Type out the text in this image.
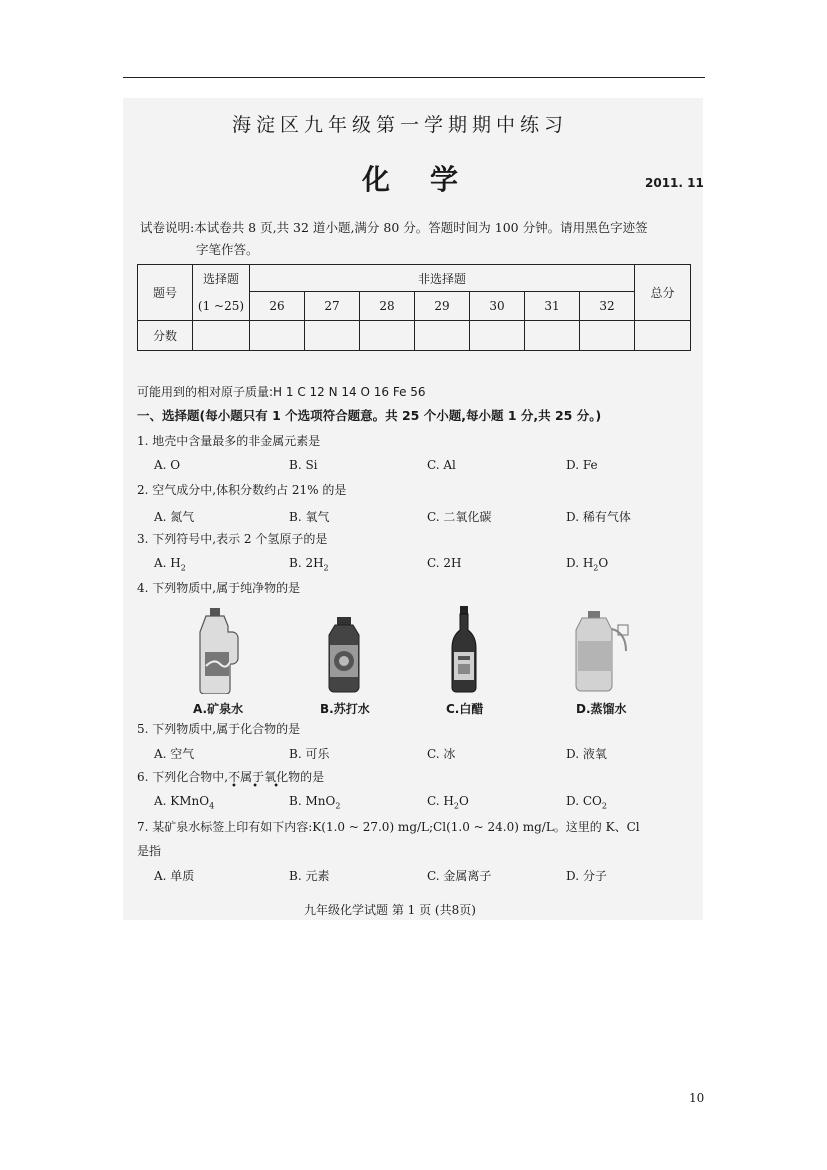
海淀区九年级第一学期期中练习
化学	2011. 11
试卷说明:本试卷共 8 页,共 32 道小题,满分 80 分。答题时间为 100 分钟。请用黑色字迹签
字笔作答。
题号	选择题	非选择题							总分
	(1 ~25)	26	27	28	29	30	31	32	
分数									
可能用到的相对原子质量:H 1 C 12 N 14 O 16 Fe 56
一、选择题(每小题只有 1 个选项符合题意。共 25 个小题,每小题 1 分,共 25 分。)
1. 地壳中含量最多的非金属元素是
A. O	B. Si	C. Al	D. Fe
2. 空气成分中,体积分数约占 21% 的是
A. 氮气	B. 氧气	C. 二氧化碳	D. 稀有气体
3. 下列符号中,表示 2 个氢原子的是
A. $H_2$	B. $2H_2$	C. 2H	D. $H_2O$
4. 下列物质中,属于纯净物的是
A.矿泉水	B.苏打水	C.白醋	D.蒸馏水
5. 下列物质中,属于化合物的是
A. 空气	B. 可乐	C. 冰	D. 液氧
6. 下列化合物中,不属于氧化物的是
• • •
A. KMnO$_4$	B. MnO$_2$	C. $H_2O$	D. $CO_2$
7. 某矿泉水标签上印有如下内容:K(1.0 ~ 27.0) mg/L;Cl(1.0 ~ 24.0) mg/L。这里的 K、Cl
是指
A. 单质	B. 元素	C. 金属离子	D. 分子
九年级化学试题 第 1 页 (共8页)
10
